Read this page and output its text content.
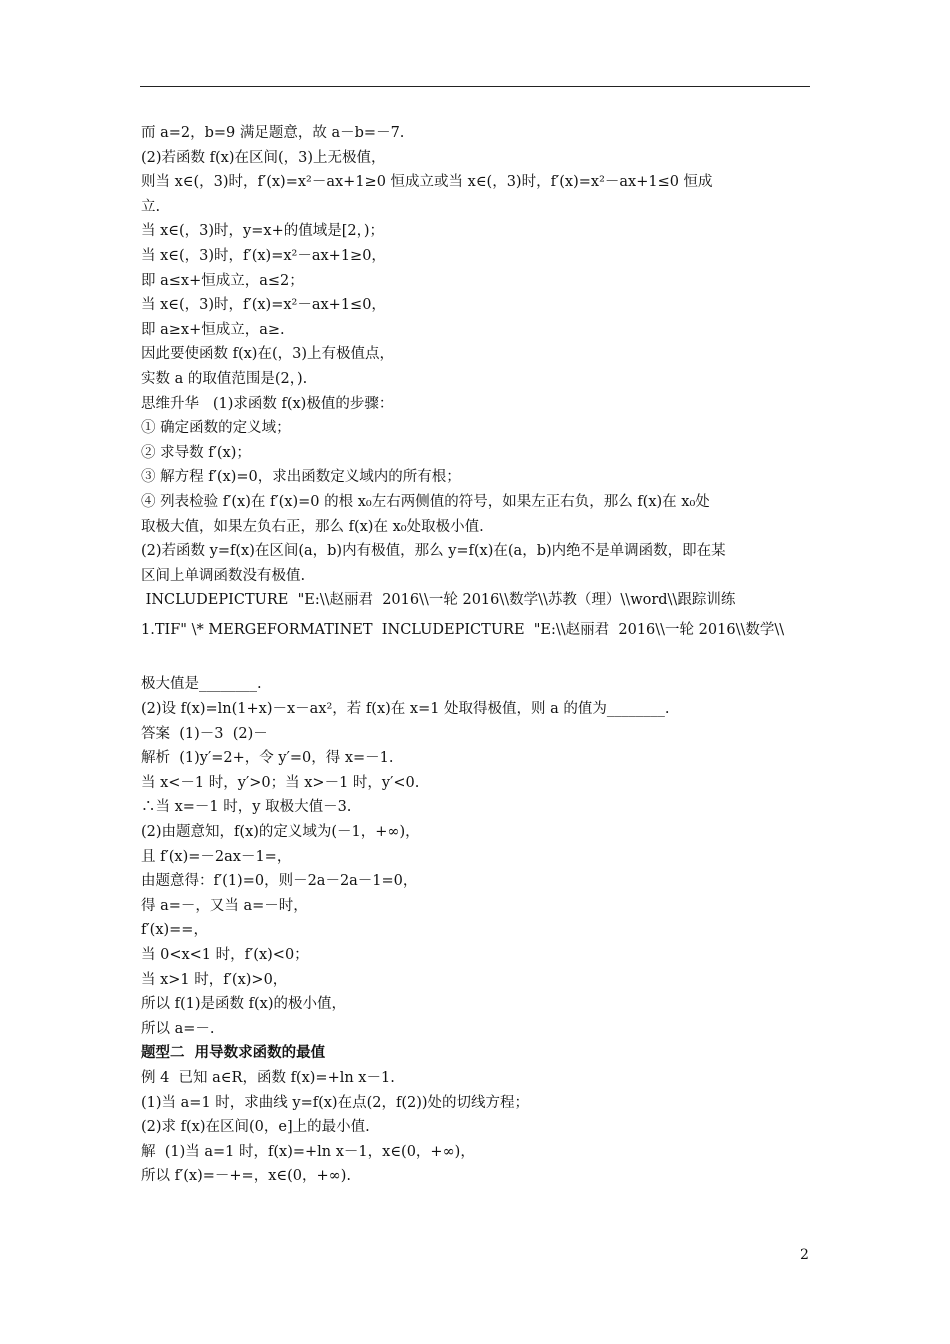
而 a=2，b=9 满足题意，故 a－b=－7.
(2)若函数 f(x)在区间(，3)上无极值，
则当 x∈(，3)时，f′(x)=x²－ax+1≥0 恒成立或当 x∈(，3)时，f′(x)=x²－ax+1≤0 恒成
立.
当 x∈(，3)时，y=x+的值域是[2，)；
当 x∈(，3)时，f′(x)=x²－ax+1≥0，
即 a≤x+恒成立，a≤2；
当 x∈(，3)时，f′(x)=x²－ax+1≤0，
即 a≥x+恒成立，a≥.
因此要使函数 f(x)在(，3)上有极值点，
实数 a 的取值范围是(2，).
思维升华   (1)求函数 f(x)极值的步骤：
① 确定函数的定义域；
② 求导数 f′(x)；
③ 解方程 f′(x)=0，求出函数定义域内的所有根；
④ 列表检验 f′(x)在 f′(x)=0 的根 x₀左右两侧值的符号，如果左正右负，那么 f(x)在 x₀处
取极大值，如果左负右正，那么 f(x)在 x₀处取极小值.
(2)若函数 y=f(x)在区间(a，b)内有极值，那么 y=f(x)在(a，b)内绝不是单调函数，即在某
区间上单调函数没有极值.
INCLUDEPICTURE  "E:\\赵丽君  2016\\一轮 2016\\数学\\苏教（理）\\word\\跟踪训练
1.TIF" \* MERGEFORMATINET  INCLUDEPICTURE  "E:\\赵丽君  2016\\一轮 2016\\数学\\

极大值是________.
(2)设 f(x)=ln(1+x)－x－ax²，若 f(x)在 x=1 处取得极值，则 a 的值为________.
答案  (1)－3  (2)－
解析  (1)y′=2+，令 y′=0，得 x=－1.
当 x<－1 时，y′>0；当 x>－1 时，y′<0.
∴当 x=－1 时，y 取极大值－3.
(2)由题意知，f(x)的定义域为(－1，+∞)，
且 f′(x)=－2ax－1=，
由题意得：f′(1)=0，则－2a－2a－1=0，
得 a=－，又当 a=－时，
f′(x)==，
当 0<x<1 时，f′(x)<0；
当 x>1 时，f′(x)>0，
所以 f(1)是函数 f(x)的极小值，
所以 a=－.
题型二  用导数求函数的最值
例 4  已知 a∈R，函数 f(x)=+ln x－1.
(1)当 a=1 时，求曲线 y=f(x)在点(2，f(2))处的切线方程；
(2)求 f(x)在区间(0，e]上的最小值.
解  (1)当 a=1 时，f(x)=+ln x－1，x∈(0，+∞)，
所以 f′(x)=－+=，x∈(0，+∞).
2
